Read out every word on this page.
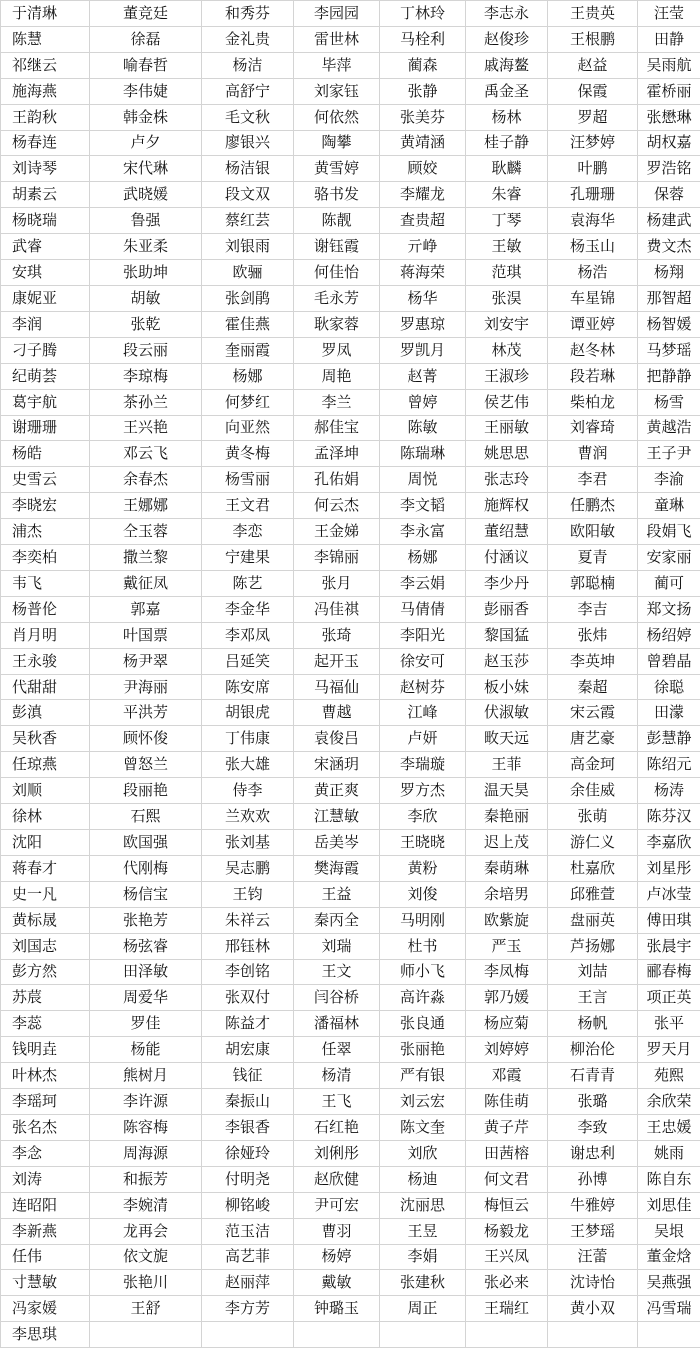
于清琳	董竞廷	和秀芬	李园园	丁林玲	李志永	王贵英	汪莹
陈慧	徐磊	金礼贵	雷世林	马栓利	赵俊珍	王根鹏	田静
祁继云	喻春哲	杨洁	毕萍	蔺森	戚海鳌	赵益	吴雨航
施海燕	李伟婕	高舒宁	刘家钰	张静	禹金圣	保霞	霍桥丽
王韵秋	韩金株	毛文秋	何依然	张美芬	杨林	罗超	张懋琳
杨春连	卢夕	廖银兴	陶攀	黄靖涵	桂子静	汪梦婷	胡权嘉
刘诗琴	宋代琳	杨洁银	黄雪婷	顾姣	耿麟	叶鹏	罗浩铭
胡素云	武晓媛	段文双	骆书发	李耀龙	朱睿	孔珊珊	保蓉
杨晓瑞	鲁强	蔡红芸	陈靓	查贵超	丁琴	袁海华	杨建武
武睿	朱亚柔	刘银雨	谢钰霞	亓峥	王敏	杨玉山	费文杰
安琪	张助坤	欧骊	何佳怡	蒋海荣	范琪	杨浩	杨翔
康妮亚	胡敏	张剑鹃	毛永芳	杨华	张淏	车星锦	那智超
李润	张乾	霍佳燕	耿家蓉	罗惠琼	刘安宇	谭亚婷	杨智媛
刁子腾	段云丽	奎丽霞	罗凤	罗凯月	林茂	赵冬林	马梦瑶
纪萌荟	李琼梅	杨娜	周艳	赵菁	王淑珍	段若琳	把静静
葛宇航	茶孙兰	何梦红	李兰	曾婷	侯艺伟	柴柏龙	杨雪
谢珊珊	王兴艳	向亚然	郝佳宝	陈敏	王丽敏	刘睿琦	黄越浩
杨皓	邓云飞	黄冬梅	孟泽坤	陈瑞琳	姚思思	曹润	王子尹
史雪云	余春杰	杨雪丽	孔佑娟	周悦	张志玲	李君	李渝
李晓宏	王娜娜	王文君	何云杰	李文韬	施辉权	任鹏杰	童琳
浦杰	仝玉蓉	李恋	王金娣	李永富	董绍慧	欧阳敏	段娟飞
李奕柏	撒兰黎	宁建果	李锦丽	杨娜	付涵议	夏青	安家丽
韦飞	戴征凤	陈艺	张月	李云娟	李少丹	郭聪楠	蔺可
杨普伦	郭嘉	李金华	冯佳祺	马倩倩	彭丽香	李吉	郑文扬
肖月明	叶国票	李邓凤	张琦	李阳光	黎国猛	张炜	杨绍婷
王永骏	杨尹翠	吕延笑	起开玉	徐安可	赵玉莎	李英坤	曾碧晶
代甜甜	尹海丽	陈安席	马福仙	赵树芬	板小妹	秦超	徐聪
彭滇	平洪芳	胡银虎	曹越	江峰	伏淑敏	宋云霞	田濛
吴秋香	顾怀俊	丁伟康	袁俊吕	卢妍	畋天远	唐艺豪	彭慧静
任琼燕	曾怒兰	张大雄	宋涵玥	李瑞璇	王菲	高金珂	陈绍元
刘顺	段丽艳	侍李	黄正爽	罗方杰	温天昊	余佳威	杨涛
徐林	石熙	兰欢欢	江慧敏	李欣	秦艳丽	张萌	陈芬汉
沈阳	欧国强	张刘基	岳美岑	王晓晓	迟上茂	游仁义	李嘉欣
蒋春才	代刚梅	吴志鹏	樊海霞	黄粉	秦萌琳	杜嘉欣	刘星彤
史一凡	杨信宝	王钧	王益	刘俊	余培男	邱雅萱	卢冰莹
黄标晟	张艳芳	朱祥云	秦丙全	马明刚	欧紫旋	盘丽英	傅田琪
刘国志	杨弦睿	邢钰林	刘瑞	杜书	严玉	芦扬娜	张晨宇
彭方然	田泽敏	李创铭	王文	师小飞	李凤梅	刘喆	郦春梅
苏莀	周爱华	张双付	闫谷桥	高许淼	郭乃媛	王言	项正英
李蕊	罗佳	陈益才	潘福林	张良通	杨应菊	杨帆	张平
钱明垚	杨能	胡宏康	任翠	张丽艳	刘婷婷	柳治伦	罗天月
叶林杰	熊树月	钱征	杨清	严有银	邓霞	石青青	苑熙
李瑶珂	李许源	秦振山	王飞	刘云宏	陈佳萌	张璐	余欣荣
张名杰	陈容梅	李银香	石红艳	陈文奎	黄子芹	李致	王忠媛
李念	周海源	徐娅玲	刘俐彤	刘欣	田茜榕	谢忠利	姚雨
刘涛	和振芳	付明尧	赵欣健	杨迪	何文君	孙博	陈自东
连昭阳	李婉清	柳铭峻	尹可宏	沈丽思	梅恒云	牛雅婷	刘思佳
李新燕	龙再会	范玉洁	曹羽	王昱	杨毅龙	王梦瑶	吴垠
任伟	依文旎	高艺菲	杨婷	李娟	王兴凤	汪蕾	董金焓
寸慧敏	张艳川	赵丽萍	戴敏	张建秋	张必来	沈诗怡	吴燕强
冯家媛	王舒	李方芳	钟璐玉	周正	王瑞红	黄小双	冯雪瑞
李思琪							
